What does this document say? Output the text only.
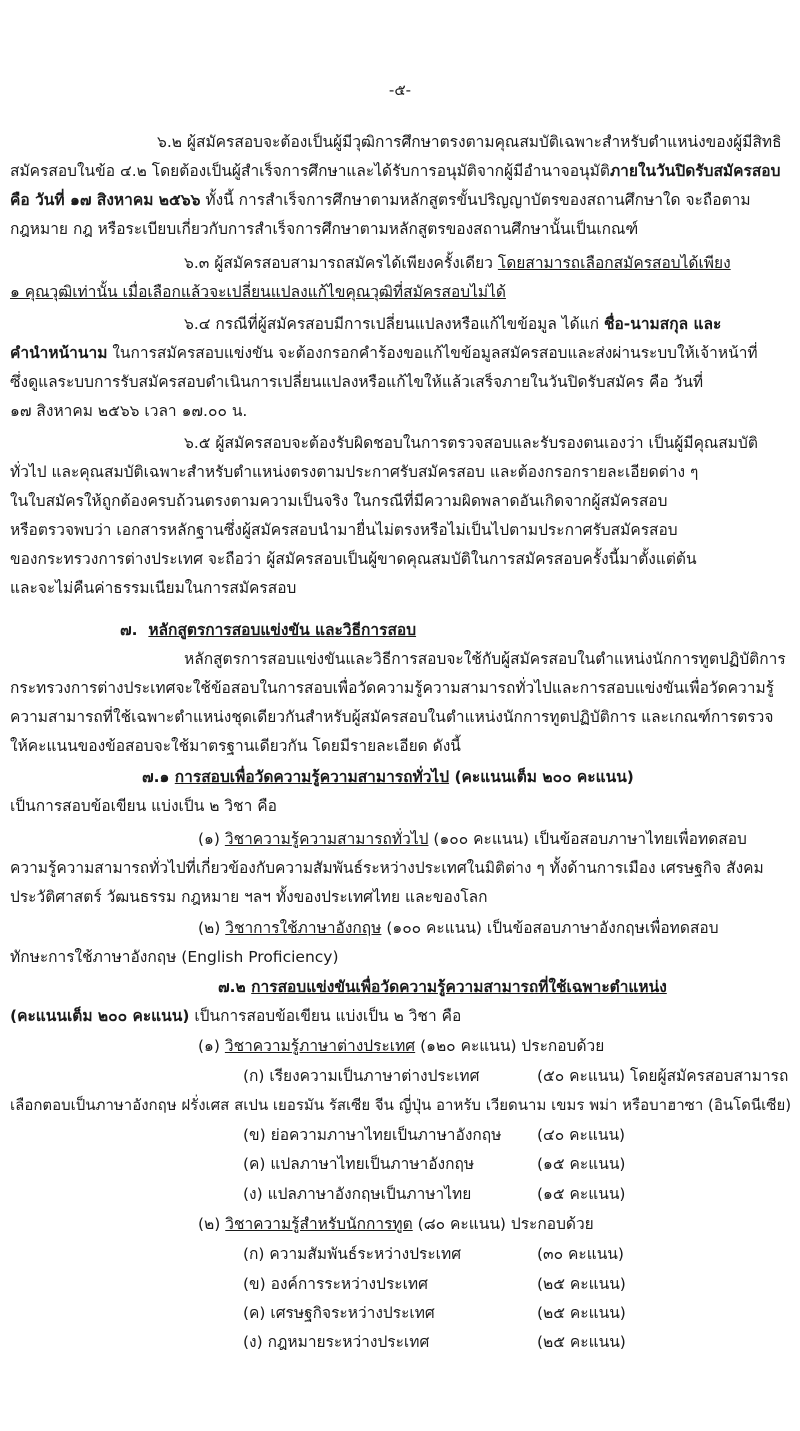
-๕-
๖.๒ ผู้สมัครสอบจะต้องเป็นผู้มีวุฒิการศึกษาตรงตามคุณสมบัติเฉพาะสำหรับตำแหน่งของผู้มีสิทธิ
สมัครสอบในข้อ ๔.๒ โดยต้องเป็นผู้สำเร็จการศึกษาและได้รับการอนุมัติจากผู้มีอำนาจอนุมัติภายในวันปิดรับสมัครสอบ
คือ วันที่ ๑๗ สิงหาคม ๒๕๖๖ ทั้งนี้ การสำเร็จการศึกษาตามหลักสูตรขั้นปริญญาบัตรของสถานศึกษาใด จะถือตาม
กฎหมาย กฎ หรือระเบียบเกี่ยวกับการสำเร็จการศึกษาตามหลักสูตรของสถานศึกษานั้นเป็นเกณฑ์
๖.๓ ผู้สมัครสอบสามารถสมัครได้เพียงครั้งเดียว โดยสามารถเลือกสมัครสอบได้เพียง
๑ คุณวุฒิเท่านั้น เมื่อเลือกแล้วจะเปลี่ยนแปลงแก้ไขคุณวุฒิที่สมัครสอบไม่ได้
๖.๔ กรณีที่ผู้สมัครสอบมีการเปลี่ยนแปลงหรือแก้ไขข้อมูล ได้แก่ ชื่อ-นามสกุล และ
คำนำหน้านาม ในการสมัครสอบแข่งขัน จะต้องกรอกคำร้องขอแก้ไขข้อมูลสมัครสอบและส่งผ่านระบบให้เจ้าหน้าที่
ซึ่งดูแลระบบการรับสมัครสอบดำเนินการเปลี่ยนแปลงหรือแก้ไขให้แล้วเสร็จภายในวันปิดรับสมัคร คือ วันที่
๑๗ สิงหาคม ๒๕๖๖ เวลา ๑๗.๐๐ น.
๖.๕ ผู้สมัครสอบจะต้องรับผิดชอบในการตรวจสอบและรับรองตนเองว่า เป็นผู้มีคุณสมบัติ
ทั่วไป และคุณสมบัติเฉพาะสำหรับตำแหน่งตรงตามประกาศรับสมัครสอบ และต้องกรอกรายละเอียดต่าง ๆ
ในใบสมัครให้ถูกต้องครบถ้วนตรงตามความเป็นจริง ในกรณีที่มีความผิดพลาดอันเกิดจากผู้สมัครสอบ
หรือตรวจพบว่า เอกสารหลักฐานซึ่งผู้สมัครสอบนำมายื่นไม่ตรงหรือไม่เป็นไปตามประกาศรับสมัครสอบ
ของกระทรวงการต่างประเทศ จะถือว่า ผู้สมัครสอบเป็นผู้ขาดคุณสมบัติในการสมัครสอบครั้งนี้มาตั้งแต่ต้น
และจะไม่คืนค่าธรรมเนียมในการสมัครสอบ
๗. หลักสูตรการสอบแข่งขัน และวิธีการสอบ
หลักสูตรการสอบแข่งขันและวิธีการสอบจะใช้กับผู้สมัครสอบในตำแหน่งนักการทูตปฏิบัติการ
กระทรวงการต่างประเทศจะใช้ข้อสอบในการสอบเพื่อวัดความรู้ความสามารถทั่วไปและการสอบแข่งขันเพื่อวัดความรู้
ความสามารถที่ใช้เฉพาะตำแหน่งชุดเดียวกันสำหรับผู้สมัครสอบในตำแหน่งนักการทูตปฏิบัติการ และเกณฑ์การตรวจ
ให้คะแนนของข้อสอบจะใช้มาตรฐานเดียวกัน โดยมีรายละเอียด ดังนี้
๗.๑ การสอบเพื่อวัดความรู้ความสามารถทั่วไป (คะแนนเต็ม ๒๐๐ คะแนน)
เป็นการสอบข้อเขียน แบ่งเป็น ๒ วิชา คือ
(๑) วิชาความรู้ความสามารถทั่วไป (๑๐๐ คะแนน) เป็นข้อสอบภาษาไทยเพื่อทดสอบ
ความรู้ความสามารถทั่วไปที่เกี่ยวข้องกับความสัมพันธ์ระหว่างประเทศในมิติต่าง ๆ ทั้งด้านการเมือง เศรษฐกิจ สังคม
ประวัติศาสตร์ วัฒนธรรม กฎหมาย ฯลฯ ทั้งของประเทศไทย และของโลก
(๒) วิชาการใช้ภาษาอังกฤษ (๑๐๐ คะแนน) เป็นข้อสอบภาษาอังกฤษเพื่อทดสอบ
ทักษะการใช้ภาษาอังกฤษ (English Proficiency)
๗.๒ การสอบแข่งขันเพื่อวัดความรู้ความสามารถที่ใช้เฉพาะตำแหน่ง
(คะแนนเต็ม ๒๐๐ คะแนน) เป็นการสอบข้อเขียน แบ่งเป็น ๒ วิชา คือ
(๑) วิชาความรู้ภาษาต่างประเทศ (๑๒๐ คะแนน) ประกอบด้วย
(ก) เรียงความเป็นภาษาต่างประเทศ	(๕๐ คะแนน) โดยผู้สมัครสอบสามารถ
เลือกตอบเป็นภาษาอังกฤษ ฝรั่งเศส สเปน เยอรมัน รัสเซีย จีน ญี่ปุ่น อาหรับ เวียดนาม เขมร พม่า หรือบาฮาซา (อินโดนีเซีย)
(ข) ย่อความภาษาไทยเป็นภาษาอังกฤษ (๔๐ คะแนน)
(ค) แปลภาษาไทยเป็นภาษาอังกฤษ	(๑๕ คะแนน)
(ง) แปลภาษาอังกฤษเป็นภาษาไทย	(๑๕ คะแนน)
(๒) วิชาความรู้สำหรับนักการทูต (๘๐ คะแนน) ประกอบด้วย
(ก) ความสัมพันธ์ระหว่างประเทศ	(๓๐ คะแนน)
(ข) องค์การระหว่างประเทศ	(๒๕ คะแนน)
(ค) เศรษฐกิจระหว่างประเทศ	(๒๕ คะแนน)
(ง) กฎหมายระหว่างประเทศ	(๒๕ คะแนน)
